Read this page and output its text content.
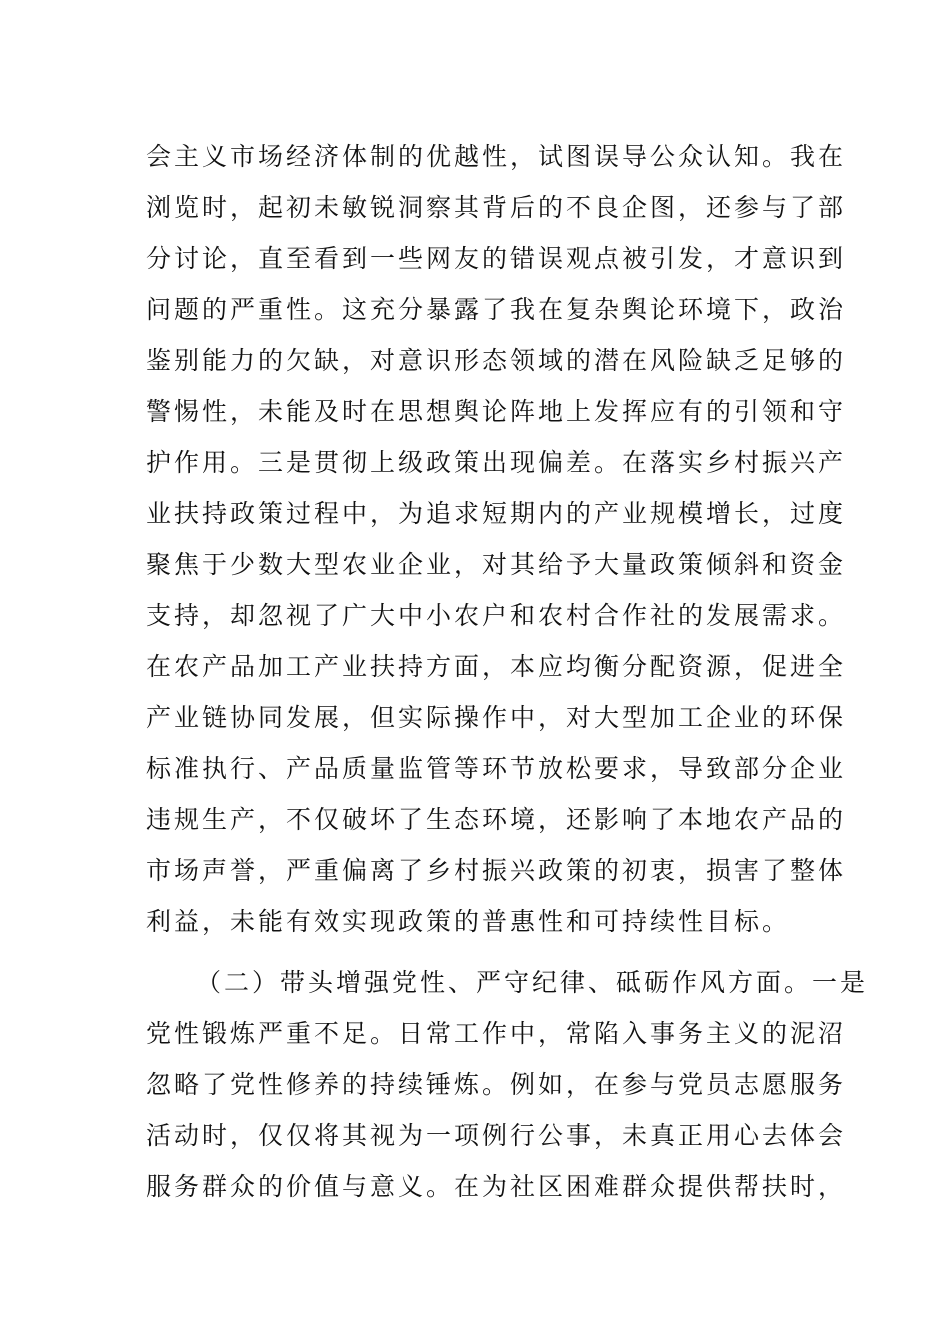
会主义市场经济体制的优越性，试图误导公众认知。我在
浏览时，起初未敏锐洞察其背后的不良企图，还参与了部
分讨论，直至看到一些网友的错误观点被引发，才意识到
问题的严重性。这充分暴露了我在复杂舆论环境下，政治
鉴别能力的欠缺，对意识形态领域的潜在风险缺乏足够的
警惕性，未能及时在思想舆论阵地上发挥应有的引领和守
护作用。三是贯彻上级政策出现偏差。在落实乡村振兴产
业扶持政策过程中，为追求短期内的产业规模增长，过度
聚焦于少数大型农业企业，对其给予大量政策倾斜和资金
支持，却忽视了广大中小农户和农村合作社的发展需求。
在农产品加工产业扶持方面，本应均衡分配资源，促进全
产业链协同发展，但实际操作中，对大型加工企业的环保
标准执行、产品质量监管等环节放松要求，导致部分企业
违规生产，不仅破坏了生态环境，还影响了本地农产品的
市场声誉，严重偏离了乡村振兴政策的初衷，损害了整体
利益，未能有效实现政策的普惠性和可持续性目标。

（二）带头增强党性、严守纪律、砥砺作风方面。一是
党性锻炼严重不足。日常工作中，常陷入事务主义的泥沼
忽略了党性修养的持续锤炼。例如，在参与党员志愿服务
活动时，仅仅将其视为一项例行公事，未真正用心去体会
服务群众的价值与意义。在为社区困难群众提供帮扶时，
